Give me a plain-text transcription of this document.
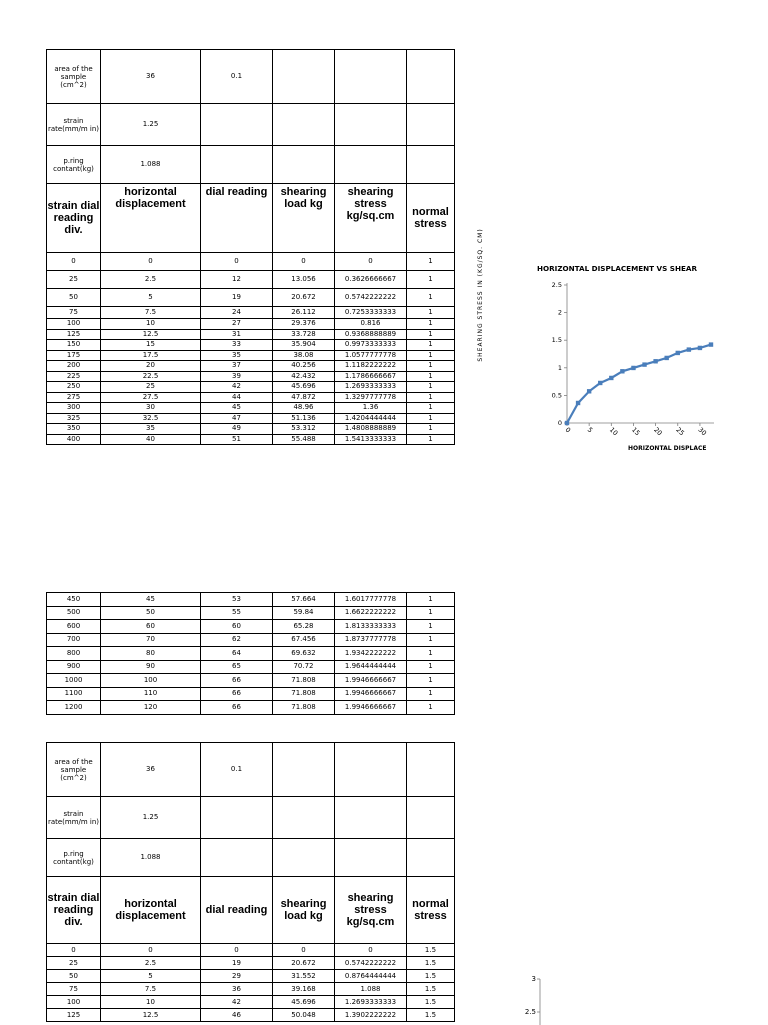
area of the sample (cm^2)	36	0.1			
strain rate(mm/m in)	1.25				
p.ring contant(kg)	1.088				
strain dial reading div.	horizontal displacement	dial reading	shearing load kg	shearing stress kg/sq.cm	normal stress
0	0	0	0	0	1
25	2.5	12	13.056	0.3626666667	1
50	5	19	20.672	0.5742222222	1
75	7.5	24	26.112	0.7253333333	1
100	10	27	29.376	0.816	1
125	12.5	31	33.728	0.9368888889	1
150	15	33	35.904	0.9973333333	1
175	17.5	35	38.08	1.0577777778	1
200	20	37	40.256	1.1182222222	1
225	22.5	39	42.432	1.1786666667	1
250	25	42	45.696	1.2693333333	1
275	27.5	44	47.872	1.3297777778	1
300	30	45	48.96	1.36	1
325	32.5	47	51.136	1.4204444444	1
350	35	49	53.312	1.4808888889	1
400	40	51	55.488	1.5413333333	1
450	45	53	57.664	1.6017777778	1
500	50	55	59.84	1.6622222222	1
600	60	60	65.28	1.8133333333	1
700	70	62	67.456	1.8737777778	1
800	80	64	69.632	1.9342222222	1
900	90	65	70.72	1.9644444444	1
1000	100	66	71.808	1.9946666667	1
1100	110	66	71.808	1.9946666667	1
1200	120	66	71.808	1.9946666667	1
area of the sample (cm^2)	36	0.1			
strain rate(mm/m in)	1.25				
p.ring contant(kg)	1.088				
strain dial reading div.	horizontal displacement	dial reading	shearing load kg	shearing stress kg/sq.cm	normal stress
0	0	0	0	0	1.5
25	2.5	19	20.672	0.5742222222	1.5
50	5	29	31.552	0.8764444444	1.5
75	7.5	36	39.168	1.088	1.5
100	10	42	45.696	1.2693333333	1.5
125	12.5	46	50.048	1.3902222222	1.5
SHEARING STRESS IN (KG/SQ. CM)	HORIZONTAL DISPLACEMENT VS SHEAR
0
0.5
1
1.5
2
2.5
0 5 10 15 20 25 30
HORIZONTAL DISPLACE
3
2.5
